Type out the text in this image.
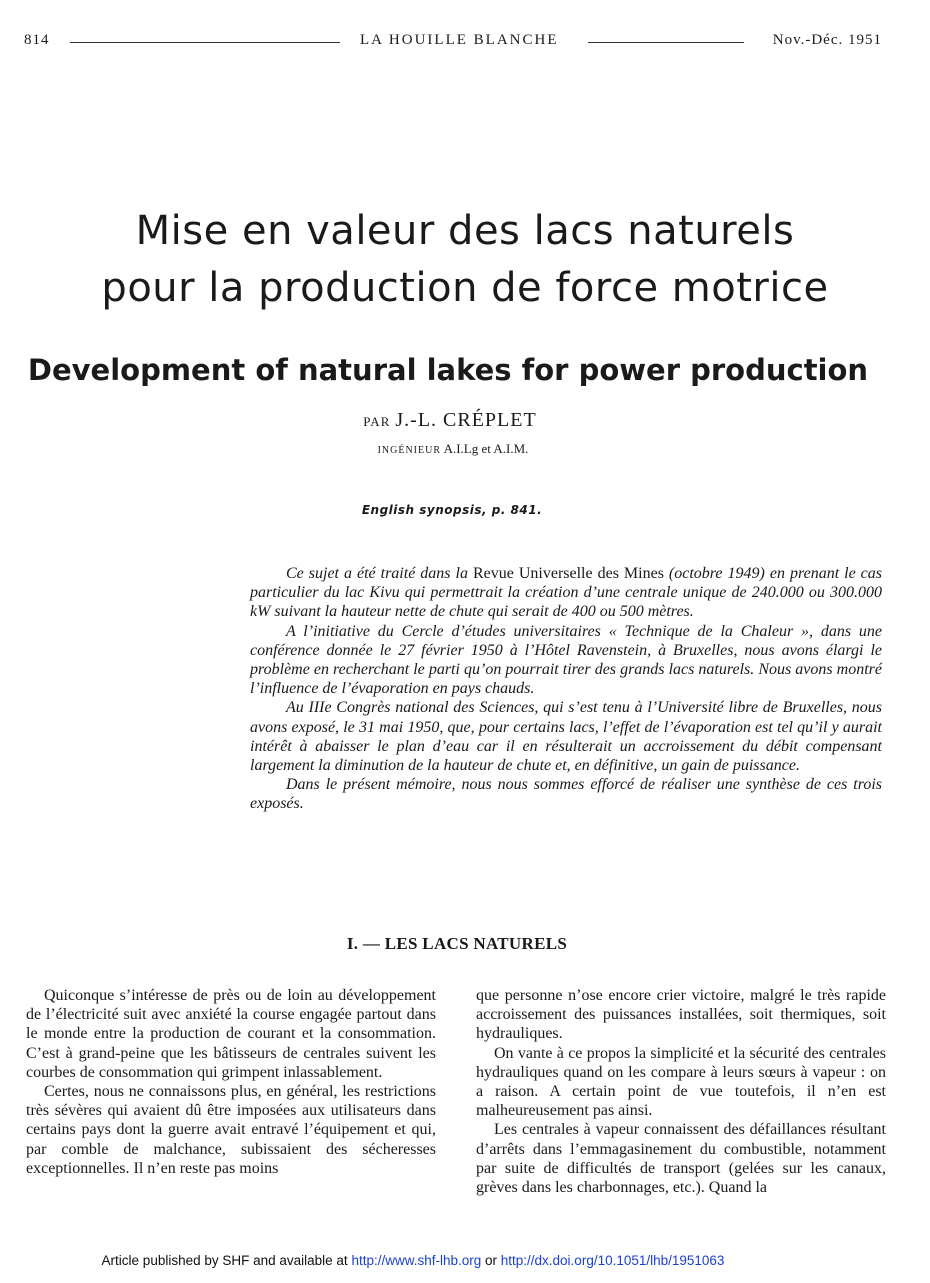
814	LA HOUILLE BLANCHE	Nov.-Déc. 1951
Mise en valeur des lacs naturels
pour la production de force motrice
Development of natural lakes for power production
PAR J.-L. CRÉPLET
INGÉNIEUR A.I.Lg et A.I.M.
English synopsis, p. 841.

Ce sujet a été traité dans la Revue Universelle des Mines (octobre 1949) en prenant le cas particulier du lac Kivu qui permettrait la création d’une centrale unique de 240.000 ou 300.000 kW suivant la hauteur nette de chute qui serait de 400 ou 500 mètres.

A l’initiative du Cercle d’études universitaires « Technique de la Chaleur », dans une conférence donnée le 27 février 1950 à l’Hôtel Ravenstein, à Bruxelles, nous avons élargi le problème en recherchant le parti qu’on pourrait tirer des grands lacs naturels. Nous avons montré l’influence de l’évaporation en pays chauds.

Au IIIe Congrès national des Sciences, qui s’est tenu à l’Université libre de Bruxelles, nous avons exposé, le 31 mai 1950, que, pour certains lacs, l’effet de l’évaporation est tel qu’il y aurait intérêt à abaisser le plan d’eau car il en résulterait un accroissement du débit compensant largement la diminution de la hauteur de chute et, en définitive, un gain de puissance.

Dans le présent mémoire, nous nous sommes efforcé de réaliser une synthèse de ces trois exposés.

I. — LES LACS NATURELS

Quiconque s’intéresse de près ou de loin au développement de l’électricité suit avec anxiété la course engagée partout dans le monde entre la production de courant et la consommation. C’est à grand-peine que les bâtisseurs de centrales suivent les courbes de consommation qui grimpent inlassablement.

Certes, nous ne connaissons plus, en général, les restrictions très sévères qui avaient dû être imposées aux utilisateurs dans certains pays dont la guerre avait entravé l’équipement et qui, par comble de malchance, subissaient des sécheresses exceptionnelles. Il n’en reste pas moins

que personne n’ose encore crier victoire, malgré le très rapide accroissement des puissances installées, soit thermiques, soit hydrauliques.

On vante à ce propos la simplicité et la sécurité des centrales hydrauliques quand on les compare à leurs sœurs à vapeur : on a raison. A certain point de vue toutefois, il n’en est malheureusement pas ainsi.

Les centrales à vapeur connaissent des défaillances résultant d’arrêts dans l’emmagasinement du combustible, notamment par suite de difficultés de transport (gelées sur les canaux, grèves dans les charbonnages, etc.). Quand la

Article published by SHF and available at http://www.shf-lhb.org or http://dx.doi.org/10.1051/lhb/1951063
